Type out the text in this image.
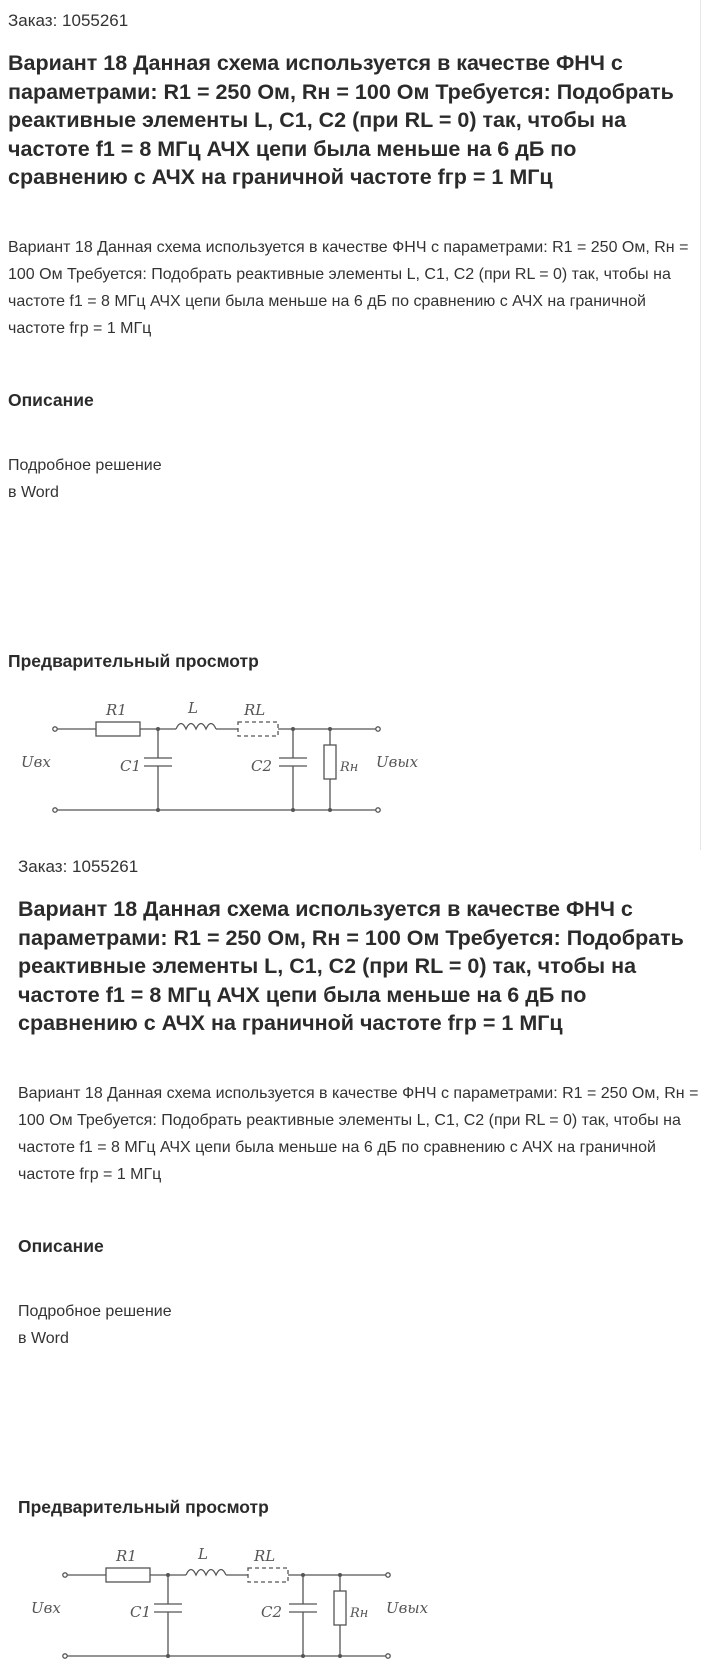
Заказ: 1055261
Вариант 18 Данная схема используется в качестве ФНЧ с параметрами: R1 = 250 Ом, Rн = 100 Ом Требуется: Подобрать реактивные элементы L, C1, C2 (при RL = 0) так, чтобы на частоте f1 = 8 МГц АЧХ цепи была меньше на 6 дБ по сравнению с АЧХ на граничной частоте fгр = 1 МГц

Вариант 18 Данная схема используется в качестве ФНЧ с параметрами: R1 = 250 Ом, Rн = 100 Ом Требуется: Подобрать реактивные элементы L, C1, C2 (при RL = 0) так, чтобы на частоте f1 = 8 МГц АЧХ цепи была меньше на 6 дБ по сравнению с АЧХ на граничной частоте fгр = 1 МГц

Описание
Подробное решение
в Word
Предварительный просмотр
R1	L	RL
C1	C2	Rн
Uвх	Uвых
Заказ: 1055261
Вариант 18 Данная схема используется в качестве ФНЧ с параметрами: R1 = 250 Ом, Rн = 100 Ом Требуется: Подобрать реактивные элементы L, C1, C2 (при RL = 0) так, чтобы на частоте f1 = 8 МГц АЧХ цепи была меньше на 6 дБ по сравнению с АЧХ на граничной частоте fгр = 1 МГц

Вариант 18 Данная схема используется в качестве ФНЧ с параметрами: R1 = 250 Ом, Rн = 100 Ом Требуется: Подобрать реактивные элементы L, C1, C2 (при RL = 0) так, чтобы на частоте f1 = 8 МГц АЧХ цепи была меньше на 6 дБ по сравнению с АЧХ на граничной частоте fгр = 1 МГц

Описание
Подробное решение
в Word
Предварительный просмотр
R1	L	RL
C1	C2	Rн
Uвх	Uвых
